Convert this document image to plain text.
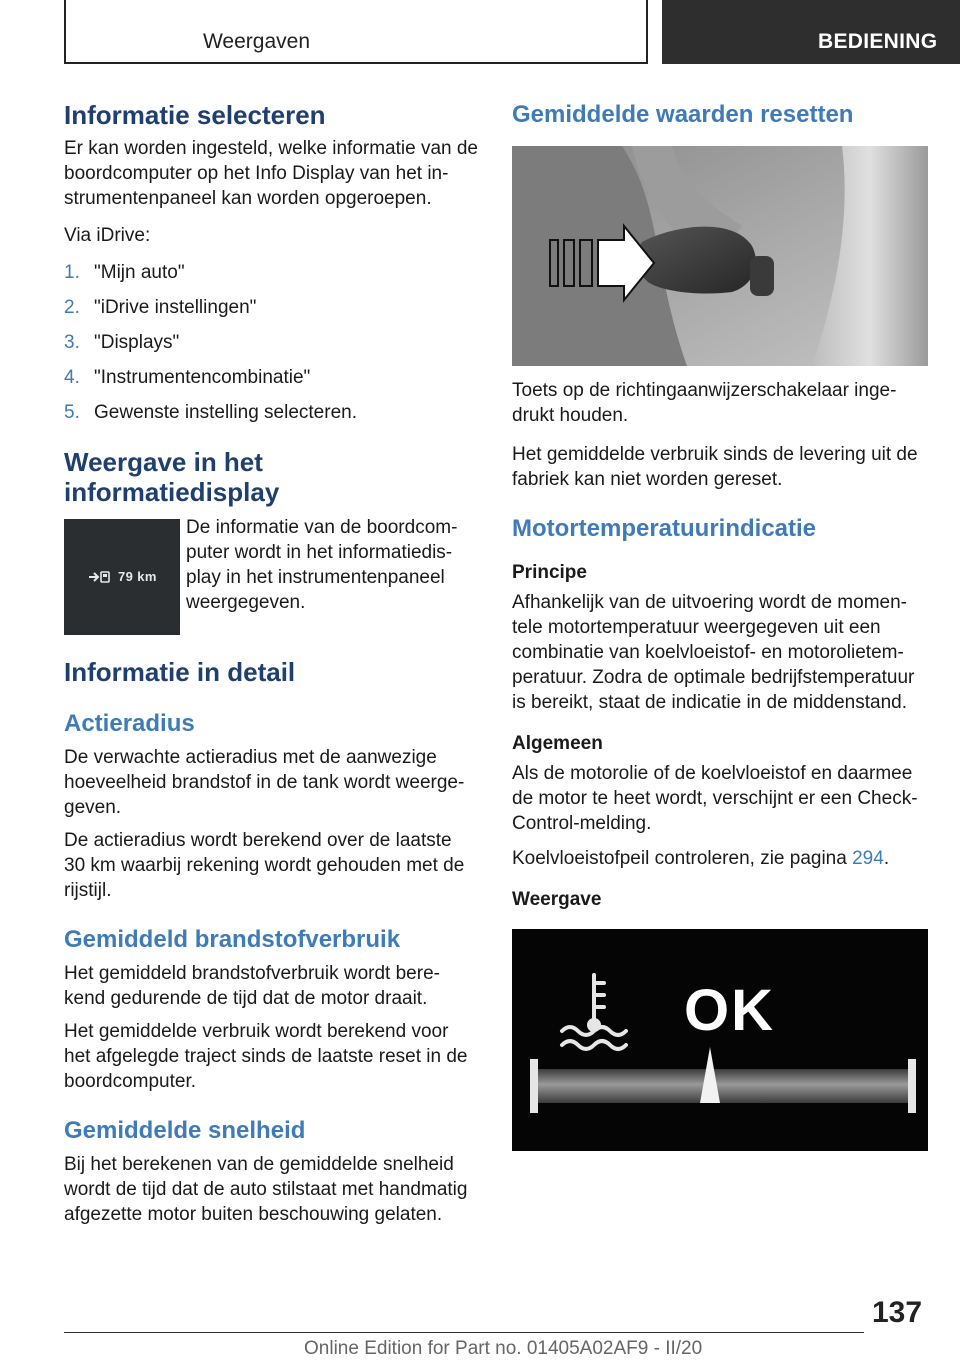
Weergaven	BEDIENING
Informatie selecteren

Er kan worden ingesteld, welke informatie van de boordcomputer op het Info Display van het in-strumentenpaneel kan worden opgeroepen.

Via iDrive:

1. "Mijn auto"
2. "iDrive instellingen"
3. "Displays"
4. "Instrumentencombinatie"
5. Gewenste instelling selecteren.
Weergave in het informatiedisplay
79 km

De informatie van de boordcom-puter wordt in het informatiedis-play in het instrumentenpaneel weergegeven.

Informatie in detail
Actieradius

De verwachte actieradius met de aanwezige hoeveelheid brandstof in de tank wordt weerge-geven.

De actieradius wordt berekend over de laatste 30 km waarbij rekening wordt gehouden met de rijstijl.

Gemiddeld brandstofverbruik

Het gemiddeld brandstofverbruik wordt bere-kend gedurende de tijd dat de motor draait.

Het gemiddelde verbruik wordt berekend voor het afgelegde traject sinds de laatste reset in de boordcomputer.

Gemiddelde snelheid

Bij het berekenen van de gemiddelde snelheid wordt de tijd dat de auto stilstaat met handmatig afgezette motor buiten beschouwing gelaten.

Gemiddelde waarden resetten

Toets op de richtingaanwijzerschakelaar inge-drukt houden.

Het gemiddelde verbruik sinds de levering uit de fabriek kan niet worden gereset.

Motortemperatuurindicatie
Principe

Afhankelijk van de uitvoering wordt de momen-tele motortemperatuur weergegeven uit een combinatie van koelvloeistof- en motorolietem-peratuur. Zodra de optimale bedrijfstemperatuur is bereikt, staat de indicatie in de middenstand.

Algemeen

Als de motorolie of de koelvloeistof en daarmee de motor te heet wordt, verschijnt er een Check-Control-melding.

Koelvloeistofpeil controleren, zie pagina 294.

Weergave
OK
137
Online Edition for Part no. 01405A02AF9 - II/20
